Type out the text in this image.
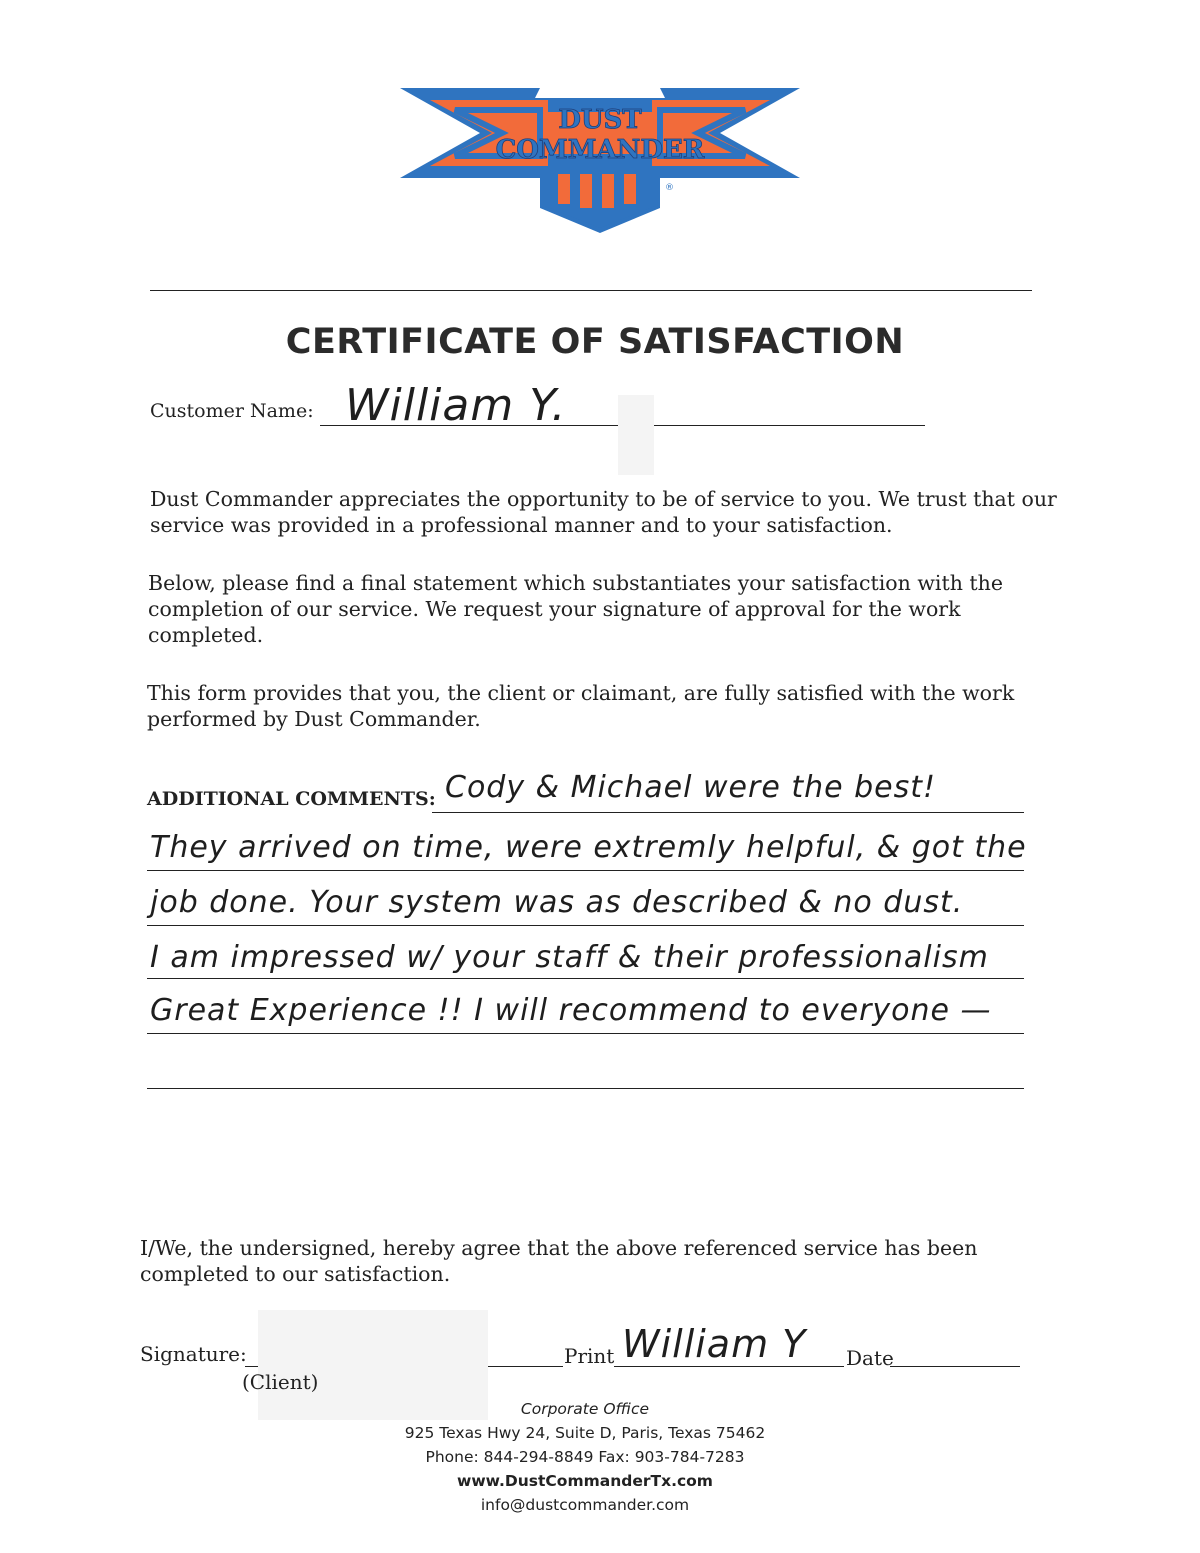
DUST
COMMANDER
®
CERTIFICATE OF SATISFACTION
Customer Name: William Y.
Dust Commander appreciates the opportunity to be of service to you. We trust that our
service was provided in a professional manner and to your satisfaction.
Below, please find a final statement which substantiates your satisfaction with the
completion of our service. We request your signature of approval for the work
completed.
This form provides that you, the client or claimant, are fully satisfied with the work
performed by Dust Commander.
ADDITIONAL COMMENTS: Cody & Michael were the best!
They arrived on time, were extremly helpful, & got the
job done. Your system was as described & no dust.
I am impressed w/ your staff & their professionalism
Great Experience !! I will recommend to everyone —
I/We, the undersigned, hereby agree that the above referenced service has been
completed to our satisfaction.
Signature:
(Client)
Print William Y Date
Corporate Office
925 Texas Hwy 24, Suite D, Paris, Texas 75462
Phone: 844-294-8849 Fax: 903-784-7283
www.DustCommanderTx.com
info@dustcommander.com
